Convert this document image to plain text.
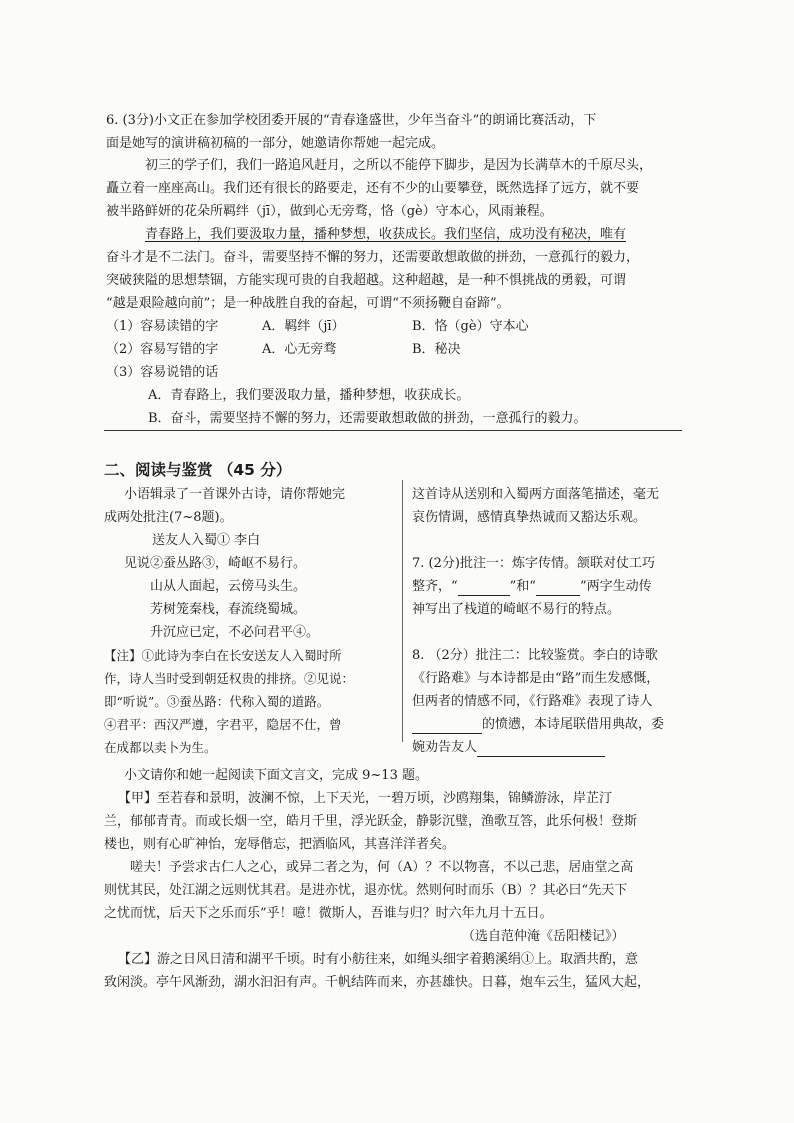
6. (3分)小文正在参加学校团委开展的“青春逢盛世，少年当奋斗”的朗诵比赛活动，下
面是她写的演讲稿初稿的一部分，她邀请你帮她一起完成。
初三的学子们，我们一路追风赶月，之所以不能停下脚步，是因为长满草木的千原尽头，
矗立着一座座高山。我们还有很长的路要走，还有不少的山要攀登，既然选择了远方，就不要
被半路鲜妍的花朵所羁绊（jī），做到心无旁骛，恪（gè）守本心，风雨兼程。
青春路上，我们要汲取力量，播种梦想，收获成长。我们坚信，成功没有秘决，唯有
奋斗才是不二法门。奋斗，需要坚持不懈的努力，还需要敢想敢做的拼劲，一意孤行的毅力，
突破狭隘的思想禁锢，方能实现可贵的自我超越。这种超越，是一种不惧挑战的勇毅，可谓
“越是艰险越向前”；是一种战胜自我的奋起，可谓“不须扬鞭自奋蹄”。
（1）容易读错的字	A．羁绊（jī）	B．恪（gè）守本心
（2）容易写错的字	A．心无旁骛	B．秘决
（3）容易说错的话
A．青春路上，我们要汲取力量，播种梦想，收获成长。
B．奋斗，需要坚持不懈的努力，还需要敢想敢做的拼劲，一意孤行的毅力。
二、阅读与鉴赏 （45 分）
小语辑录了一首课外古诗，请你帮她完
成两处批注(7~8题)。
送友人入蜀① 李白
见说②蚕丛路③，崎岖不易行。
山从人面起，云傍马头生。
芳树笼秦栈，春流绕蜀城。
升沉应已定，不必问君平④。
【注】①此诗为李白在长安送友人入蜀时所
作，诗人当时受到朝廷权贵的排挤。②见说：
即“听说”。③蚕丛路：代称入蜀的道路。
④君平：西汉严遵，字君平，隐居不仕，曾
在成都以卖卜为生。
这首诗从送别和入蜀两方面落笔描述，毫无
哀伤情调，感情真挚热诚而又豁达乐观。
7. (2分)批注一：炼字传情。颔联对仗工巧
整齐，“	”和“	”两字生动传
神写出了栈道的崎岖不易行的特点。
8. （2分）批注二：比较鉴赏。李白的诗歌
《行路难》与本诗都是由“路”而生发感慨，
但两者的情感不同，《行路难》表现了诗人
的愤懑，本诗尾联借用典故，委
婉劝告友人
小文请你和她一起阅读下面文言文，完成 9~13 题。
【甲】至若春和景明，波澜不惊，上下天光，一碧万顷，沙鸥翔集，锦鳞游泳，岸芷汀
兰，郁郁青青。而或长烟一空，皓月千里，浮光跃金，静影沉璧，渔歌互答，此乐何极！登斯
楼也，则有心旷神怡，宠辱偕忘，把酒临风，其喜洋洋者矣。
嗟夫！予尝求古仁人之心，或异二者之为，何（A）？不以物喜，不以己悲，居庙堂之高
则忧其民，处江湖之远则忧其君。是进亦忧，退亦忧。然则何时而乐（B）？其必曰“先天下
之忧而忧，后天下之乐而乐”乎！噫！微斯人，吾谁与归？时六年九月十五日。
（选自范仲淹《岳阳楼记》）
【乙】游之日风日清和湖平千顷。时有小舫往来，如绳头细字着鹅溪绢①上。取酒共酌，意
致闲淡。亭午风渐劲，湖水汩汩有声。千帆结阵而来，亦甚雄快。日暮，炮车云生，猛风大起，
